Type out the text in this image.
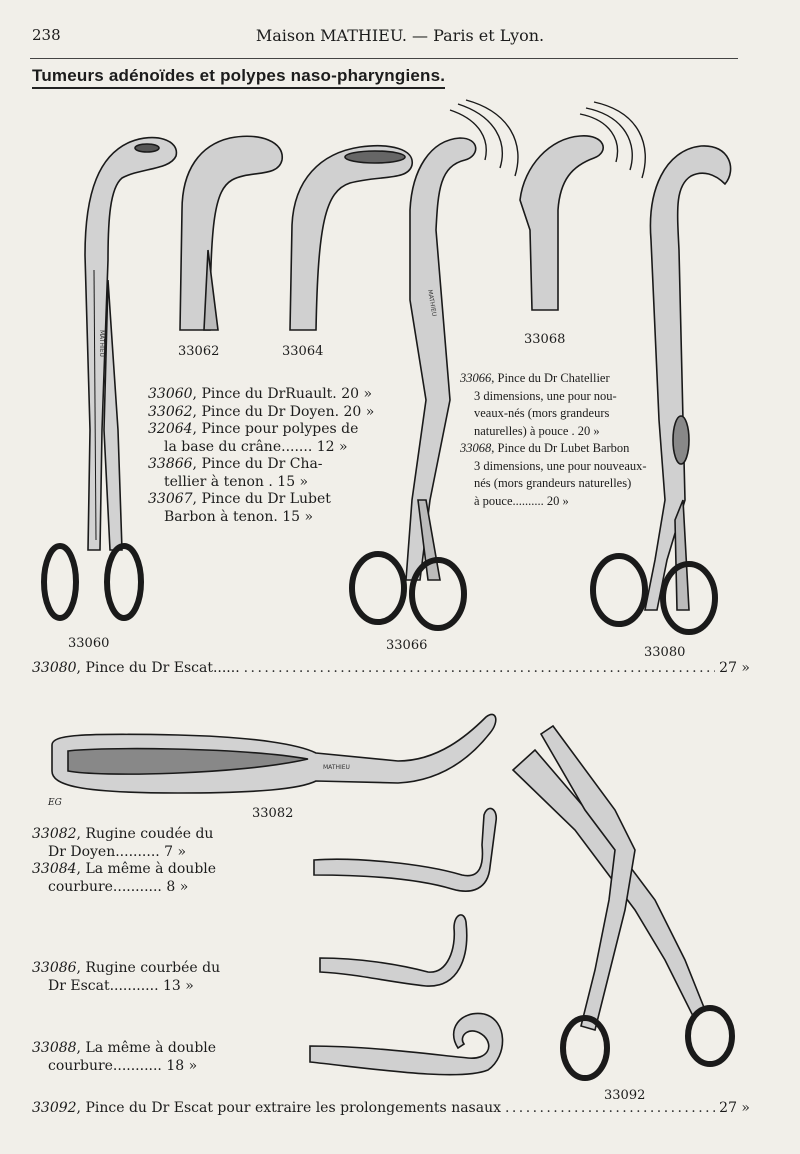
238	Maison MATHIEU. — Paris et Lyon.
Tumeurs adénoïdes et polypes naso-pharyngiens.
MATHIEU
MATHIEU
33062	33064
33068
33060	33066	33080
33060, Pince du DrRuault. 20 »
33062, Pince du Dr Doyen. 20 »
32064, Pince pour polypes de
la base du crâne....... 12 »
33866, Pince du Dr Cha-
tellier à tenon . 15 »
33067, Pince du Dr Lubet
Barbon à tenon. 15 »
33066, Pince du Dr Chatellier
3 dimensions, une pour nou-
veaux-nés (mors grandeurs
naturelles) à pouce . 20 »
33068, Pince du Dr Lubet Barbon
3 dimensions, une pour nouveaux-
nés (mors grandeurs naturelles)
à pouce.......... 20 »
33080 , Pince du Dr Escat...... . . .	27 »
EG
MATHIEU
33082
33092
33082, Rugine coudée du
Dr Doyen.......... 7 »
33084, La même à double
courbure........... 8 »
33086, Rugine courbée du
Dr Escat........... 13 »
33088, La même à double
courbure........... 18 »
33092 , Pince du Dr Escat pour extraire les prolongements nasaux . . .	27 »
